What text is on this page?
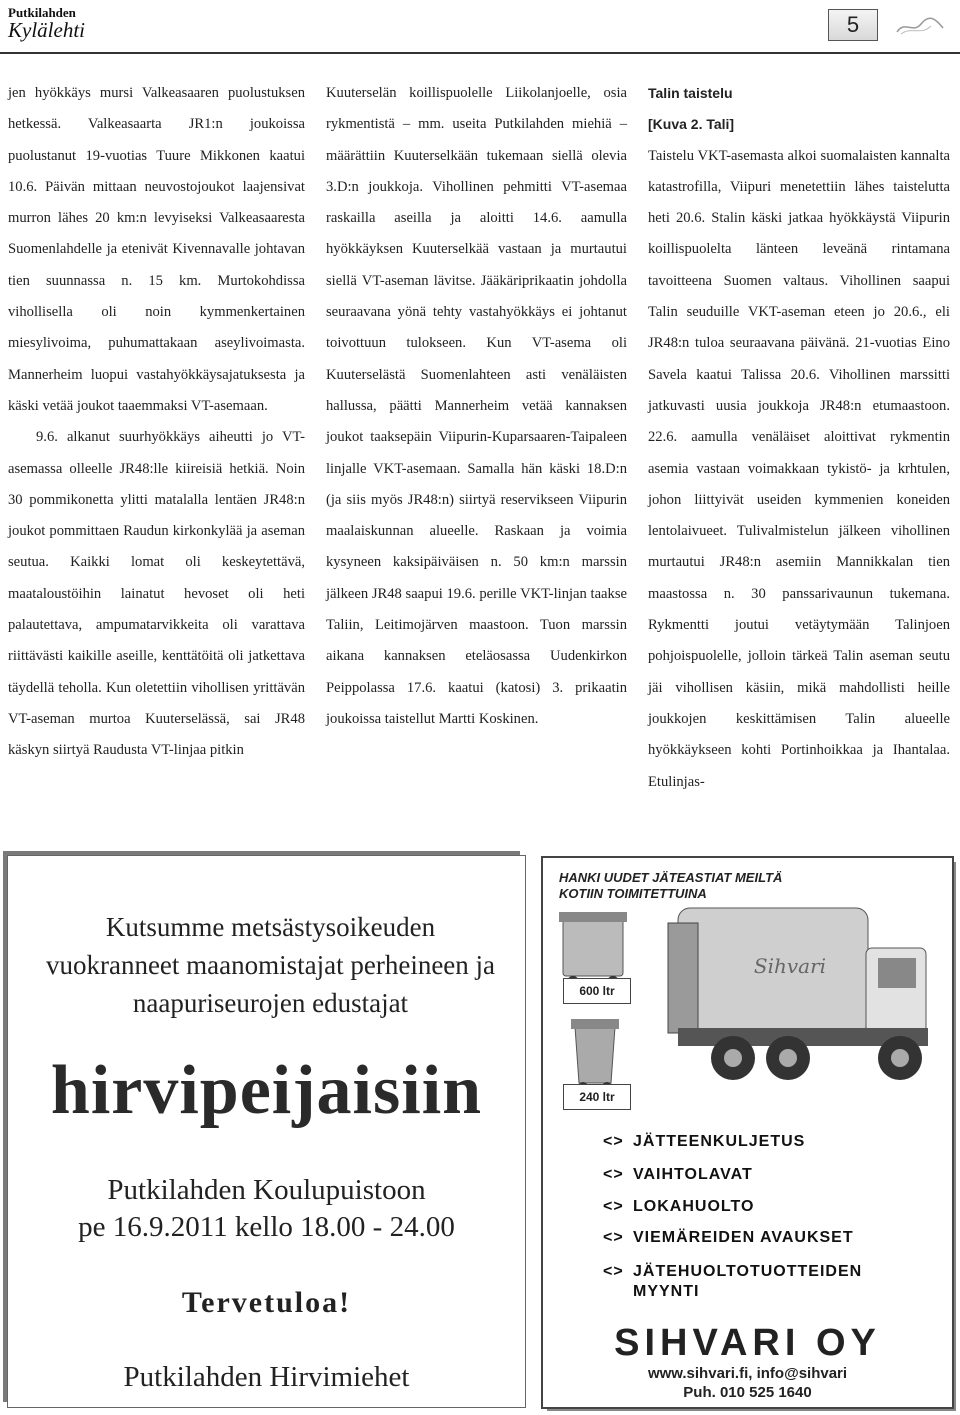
Putkilahden
Kylälehti	5

jen hyökkäys mursi Valkeasaaren puolustuksen hetkessä. Valkeasaarta JR1:n joukoissa puolustanut 19-vuotias Tuure Mikkonen kaatui 10.6. Päivän mittaan neuvostojoukot laajensivat murron lähes 20 km:n levyiseksi Valkeasaaresta Suomenlahdelle ja etenivät Kivennavalle johtavan tien suunnassa n. 15 km. Murtokohdissa vihollisella oli noin kymmenkertainen miesylivoima, puhumattakaan aseylivoimasta. Mannerheim luopui vastahyökkäysajatuksesta ja käski vetää joukot taaemmaksi VT-asemaan.

9.6. alkanut suurhyökkäys aiheutti jo VT-asemassa olleelle JR48:lle kiireisiä hetkiä. Noin 30 pommikonetta ylitti matalalla lentäen JR48:n joukot pommittaen Raudun kirkonkylää ja aseman seutua. Kaikki lomat oli keskeytettävä, maataloustöihin lainatut hevoset oli heti palautettava, ampumatarvikkeita oli varattava riittävästi kaikille aseille, kenttätöitä oli jatkettava täydellä teholla. Kun oletettiin vihollisen yrittävän VT-aseman murtoa Kuuterselässä, sai JR48 käskyn siirtyä Raudusta VT-linjaa pitkin

Kuuterselän koillispuolelle Liikolanjoelle, osia rykmentistä – mm. useita Putkilahden miehiä – määrättiin Kuuterselkään tukemaan siellä olevia 3.D:n joukkoja. Vihollinen pehmitti VT-asemaa raskailla aseilla ja aloitti 14.6. aamulla hyökkäyksen Kuuterselkää vastaan ja murtautui siellä VT-aseman lävitse. Jääkäriprikaatin johdolla seuraavana yönä tehty vastahyökkäys ei johtanut toivottuun tulokseen. Kun VT-asema oli Kuuterselästä Suomenlahteen asti venäläisten hallussa, päätti Mannerheim vetää kannaksen joukot taaksepäin Viipurin-Kuparsaaren-Taipaleen linjalle VKT-asemaan. Samalla hän käski 18.D:n (ja siis myös JR48:n) siirtyä reservikseen Viipurin maalaiskunnan alueelle. Raskaan ja voimia kysyneen kaksipäiväisen n. 50 km:n marssin jälkeen JR48 saapui 19.6. perille VKT-linjan taakse Taliin, Leitimojärven maastoon. Tuon marssin aikana kannaksen eteläosassa Uudenkirkon Peippolassa 17.6. kaatui (katosi) 3. prikaatin joukoissa taistellut Martti Koskinen.

Talin taistelu

[Kuva 2. Tali]

Taistelu VKT-asemasta alkoi suomalaisten kannalta katastrofilla, Viipuri menetettiin lähes taistelutta heti 20.6. Stalin käski jatkaa hyökkäystä Viipurin koillispuolelta länteen leveänä rintamana tavoitteena Suomen valtaus. Vihollinen saapui Talin seuduille VKT-aseman eteen jo 20.6., eli JR48:n tuloa seuraavana päivänä. 21-vuotias Eino Savela kaatui Talissa 20.6. Vihollinen marssitti jatkuvasti uusia joukkoja JR48:n etumaastoon. 22.6. aamulla venäläiset aloittivat rykmentin asemia vastaan voimakkaan tykistö- ja krhtulen, johon liittyivät useiden kymmenien koneiden lentolaivueet. Tulivalmistelun jälkeen vihollinen murtautui JR48:n asemiin Mannikkalan tien maastossa n. 30 panssarivaunun tukemana. Rykmentti joutui vetäytymään Talinjoen pohjoispuolelle, jolloin tärkeä Talin aseman seutu jäi vihollisen käsiin, mikä mahdollisti heille joukkojen keskittämisen Talin alueelle hyökkäykseen kohti Portinhoikkaa ja Ihantalaa. Etulinjas-

Kutsumme metsästysoikeuden vuokranneet maanomistajat perheineen ja naapuriseurojen edustajat
hirvipeijaisiin
Putkilahden Koulupuistoon
pe 16.9.2011 kello 18.00 - 24.00
Tervetuloa!
Putkilahden Hirvimiehet
HANKI UUDET JÄTEASTIAT MEILTÄ
KOTIIN TOIMITETTUINA
Sihvari
600 ltr
240 ltr
<> JÄTTEENKULJETUS
<> VAIHTOLAVAT
<> LOKAHUOLTO
<> VIEMÄREIDEN AVAUKSET
<> JÄTEHUOLTOTUOTTEIDEN
MYYNTI
SIHVARI OY
www.sihvari.fi, info@sihvari
Puh. 010 525 1640
